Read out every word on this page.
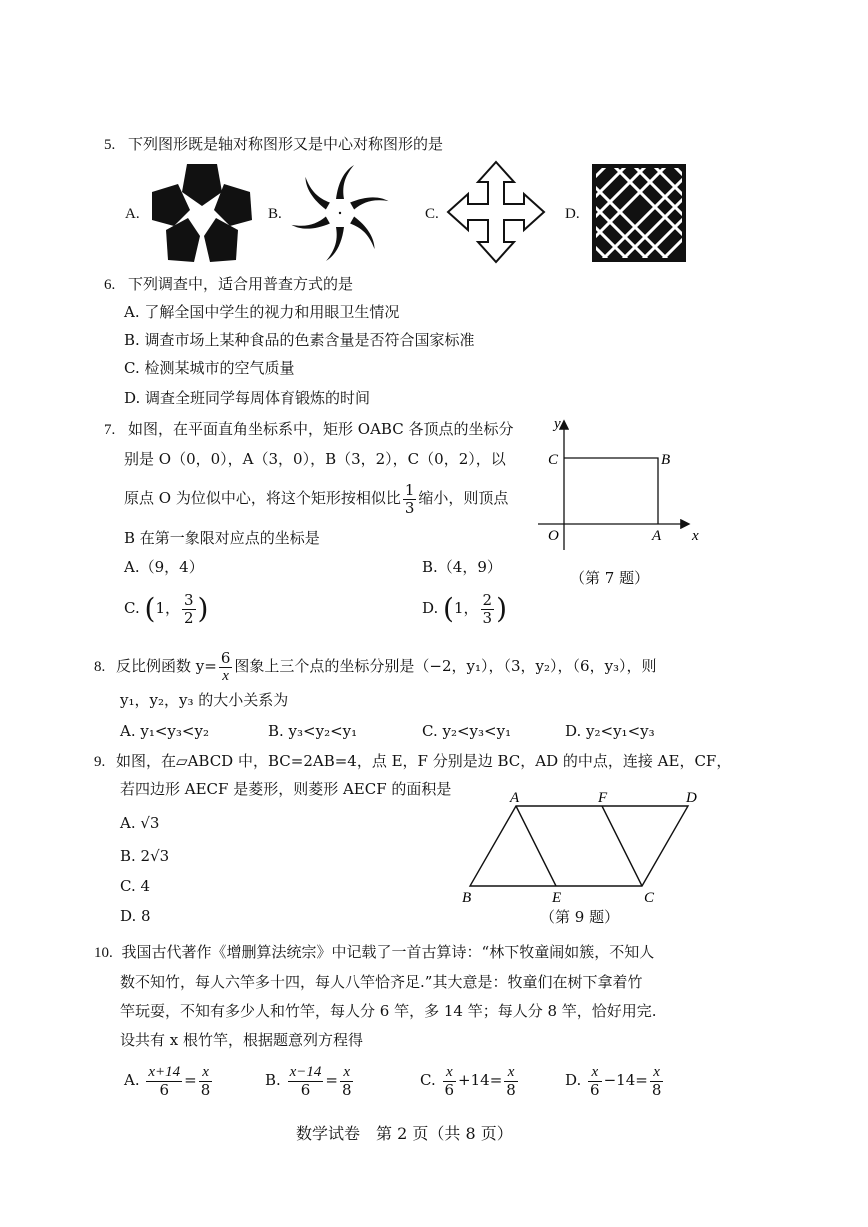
5. 下列图形既是轴对称图形又是中心对称图形的是
A.	B.	C.	D.
6. 下列调查中，适合用普查方式的是
A. 了解全国中学生的视力和用眼卫生情况
B. 调查市场上某种食品的色素含量是否符合国家标准
C. 检测某城市的空气质量
D. 调查全班同学每周体育锻炼的时间
7. 如图，在平面直角坐标系中，矩形 OABC 各顶点的坐标分
别是 O（0，0），A（3，0），B（3，2），C（0，2），以
原点 O 为位似中心，将这个矩形按相似比 $\frac{1}{3}$ 缩小，则顶点
B 在第一象限对应点的坐标是
A.（9，4）	B.（4，9）
C. (1， $\frac{3}{2}$ )	D. (1， $\frac{2}{3}$ )
y
x
C	B
O	A
（第 7 题）
8. 反比例函数 $y= \frac{6}{x}$ 图象上三个点的坐标分别是（−2，y₁），（3，y₂），（6，y₃），则
y₁，y₂，y₃ 的大小关系为
A. y₁<y₃<y₂	B. y₃<y₂<y₁	C. y₂<y₃<y₁	D. y₂<y₁<y₃
9. 如图，在▱ABCD 中，BC=2AB=4，点 E，F 分别是边 BC，AD 的中点，连接 AE，CF，
若四边形 AECF 是菱形，则菱形 AECF 的面积是
A. √3
B. 2√3
C. 4
D. 8
A	F	D
B	E	C
（第 9 题）
10. 我国古代著作《增删算法统宗》中记载了一首古算诗：“林下牧童闹如簇，不知人
数不知竹，每人六竿多十四，每人八竿恰齐足.”其大意是：牧童们在树下拿着竹
竿玩耍，不知有多少人和竹竿，每人分 6 竿，多 14 竿；每人分 8 竿，恰好用完.
设共有 x 根竹竿，根据题意列方程得
A. $\frac{x+14}{6} = \frac{x}{8}$	B. $\frac{x-14}{6} = \frac{x}{8}$	C. $\frac{x}{6} +14= \frac{x}{8}$	D. $\frac{x}{6} -14= \frac{x}{8}$
数学试卷　第 2 页（共 8 页）
